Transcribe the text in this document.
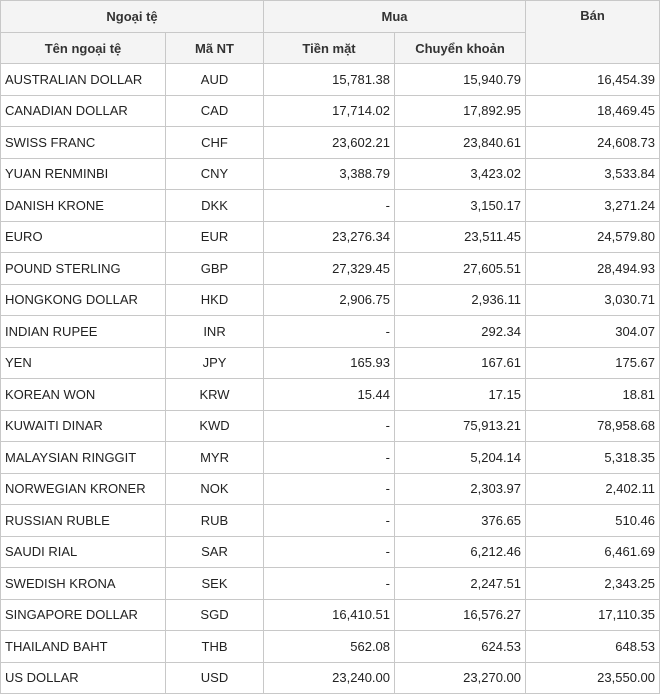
Ngoại tệ		Mua		Bán
Tên ngoại tệ	Mã NT	Tiền mặt	Chuyển khoản	
AUSTRALIAN DOLLAR	AUD	15,781.38	15,940.79	16,454.39
CANADIAN DOLLAR	CAD	17,714.02	17,892.95	18,469.45
SWISS FRANC	CHF	23,602.21	23,840.61	24,608.73
YUAN RENMINBI	CNY	3,388.79	3,423.02	3,533.84
DANISH KRONE	DKK	-	3,150.17	3,271.24
EURO	EUR	23,276.34	23,511.45	24,579.80
POUND STERLING	GBP	27,329.45	27,605.51	28,494.93
HONGKONG DOLLAR	HKD	2,906.75	2,936.11	3,030.71
INDIAN RUPEE	INR	-	292.34	304.07
YEN	JPY	165.93	167.61	175.67
KOREAN WON	KRW	15.44	17.15	18.81
KUWAITI DINAR	KWD	-	75,913.21	78,958.68
MALAYSIAN RINGGIT	MYR	-	5,204.14	5,318.35
NORWEGIAN KRONER	NOK	-	2,303.97	2,402.11
RUSSIAN RUBLE	RUB	-	376.65	510.46
SAUDI RIAL	SAR	-	6,212.46	6,461.69
SWEDISH KRONA	SEK	-	2,247.51	2,343.25
SINGAPORE DOLLAR	SGD	16,410.51	16,576.27	17,110.35
THAILAND BAHT	THB	562.08	624.53	648.53
US DOLLAR	USD	23,240.00	23,270.00	23,550.00
